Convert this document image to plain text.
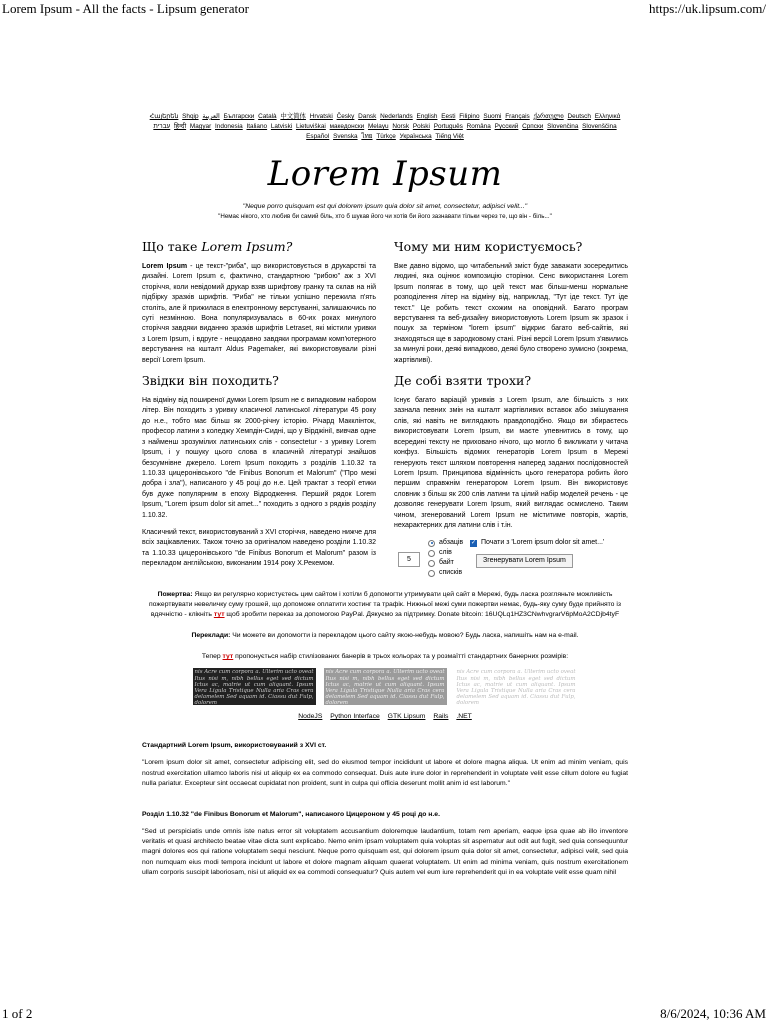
Lorem Ipsum - All the facts - Lipsum generator	https://uk.lipsum.com/
Հայերեն Shqip العربية Български Català 中文简体 Hrvatski Česky Dansk Nederlands English Eesti Filipino Suomi Français ქართული Deutsch Ελληνικά עברית हिन्दी Magyar Indonesia Italiano Latviski Lietuviškai македонски Melayu Norsk Polski Português Româna Pyccкий Српски Slovenčina Slovenščina Español Svenska ไทย Türkçe Українська Tiếng Việt
Lorem Ipsum
"Neque porro quisquam est qui dolorem ipsum quia dolor sit amet, consectetur, adipisci velit..."
"Немає нікого, хто любив би самий біль, хто б шукав його чи хотів би його зазнавати тільки через те, що він - біль..."
Що таке Lorem Ipsum?

Lorem Ipsum - це текст-"риба", що використовується в друкарстві та дизайні. Lorem Ipsum є, фактично, стандартною "рибою" аж з XVI сторіччя, коли невідомий друкар взяв шрифтову гранку та склав на ній підбірку зразків шрифтів. "Риба" не тільки успішно пережила п'ять століть, але й прижилася в електронному верстуванні, залишаючись по суті незмінною. Вона популяризувалась в 60-их роках минулого сторіччя завдяки виданню зразків шрифтів Letraset, які містили уривки з Lorem Ipsum, і вдруге - нещодавно завдяки програмам комп'ютерного верстування на кшталт Aldus Pagemaker, які використовували різні версії Lorem Ipsum.

Звідки він походить?

На відміну від поширеної думки Lorem Ipsum не є випадковим набором літер. Він походить з уривку класичної латинської літератури 45 року до н.е., тобто має більш як 2000-річну історію. Річард Макклінток, професор латини з коледжу Хемпдін-Сидні, що у Вірджінії, вивчав одне з найменш зрозумілих латинських слів - consectetur - з уривку Lorem Ipsum, і у пошуку цього слова в класичній літературі знайшов безсумнівне джерело. Lorem Ipsum походить з розділів 1.10.32 та 1.10.33 цицеронівського "de Finibus Bonorum et Malorum" ("Про межі добра і зла"), написаного у 45 році до н.е. Цей трактат з теорії етики був дуже популярним в епоху Відродження. Перший рядок Lorem Ipsum, "Lorem ipsum dolor sit amet..." походить з одного з рядків розділу 1.10.32.

Класичний текст, використовуваний з XVI сторіччя, наведено нижче для всіх зацікавлених. Також точно за оригіналом наведено розділи 1.10.32 та 1.10.33 цицеронівського "de Finibus Bonorum et Malorum" разом із перекладом англійською, виконаним 1914 року Х.Рекемом.

Чому ми ним користуємось?

Вже давно відомо, що читабельний зміст буде заважати зосередитись людині, яка оцінює композицію сторінки. Сенс використання Lorem Ipsum полягає в тому, що цей текст має більш-менш нормальне розподілення літер на відміну від, наприклад, "Тут іде текст. Тут іде текст." Це робить текст схожим на оповідний. Багато програм верстування та веб-дизайну використовують Lorem Ipsum як зразок і пошук за терміном "lorem ipsum" відкриє багато веб-сайтів, які знаходяться ще в зародковому стані. Різні версії Lorem Ipsum з'явились за минулі роки, деякі випадково, деякі було створено зумисно (зокрема, жартівливі).

Де собі взяти трохи?

Існує багато варіацій уривків з Lorem Ipsum, але більшість з них зазнала певних змін на кшталт жартівливих вставок або змішування слів, які навіть не виглядають правдоподібно. Якщо ви збираєтесь використовувати Lorem Ipsum, ви маєте упевнитись в тому, що всередині тексту не приховано нічого, що могло б викликати у читача конфуз. Більшість відомих генераторів Lorem Ipsum в Мережі генерують текст шляхом повторення наперед заданих послідовностей Lorem Ipsum. Принципова відмінність цього генератора робить його першим справжнім генератором Lorem Ipsum. Він використовує словник з більш як 200 слів латини та цілий набір моделей речень - це дозволяє генерувати Lorem Ipsum, який виглядає осмислено. Таким чином, згенерований Lorem Ipsum не міститиме повторів, жартів, нехарактерних для латини слів і т.ін.

5
абзаців
слів
байт
списків
✓ Почати з 'Lorem ipsum dolor sit amet...'
Згенерувати Lorem Ipsum
Пожертва: Якщо ви регулярно користуєтесь цим сайтом і хотіли б допомогти утримувати цей сайт в Мережі, будь ласка розгляньте можливість пожертвувати невеличку суму грошей, що допоможе оплатити хостинг та трафік. Нижньої межі суми пожертви немає, будь-яку суму буде прийнято із вдячністю - клікніть тут щоб зробити переказ за допомогою PayPal. Дякуємо за підтримку. Donate bitcoin: 16UQLq1HZ3CNwhvgrarV6pMoA2CDjb4tyF
Переклади: Чи можете ви допомогти із перекладом цього сайту якою-небудь мовою? Будь ласка, напишіть нам на e-mail.
Тепер тут пропонується набір стилізованих банерів в трьох кольорах та у розмаїтті стандартних банерних розмірів:
nis Acre cum corpora a. Ulterim ucto oveat Itus nisi m, nibh bellus eget sed dictum Ictus ac, matrie ut cum aliquant. Ipsum Vera Ligula Tristique Nulla aria Cras cera delamelem Sed aquam id. Ciassu dut Fulp, dolorem
nis Acre cum corpora a. Ulterim ucto oveat Itus nisi m, nibh bellus eget sed dictum Ictus ac, matrie ut cum aliquant. Ipsum Vera Ligula Tristique Nulla aria Cras cera delamelem Sed aquam id. Ciassu dut Fulp, dolorem
nis Acre cum corpora a. Ulterim ucto oveat Itus nisi m, nibh bellus eget sed dictum Ictus ac, matrie ut cum aliquant. Ipsum Vera Ligula Tristique Nulla aria Cras cera delamelem Sed aquam id. Ciassu dut Fulp, dolorem
NodeJS Python Interface GTK Lipsum Rails .NET
Стандартний Lorem Ipsum, використовуваний з XVI ст.

"Lorem ipsum dolor sit amet, consectetur adipiscing elit, sed do eiusmod tempor incididunt ut labore et dolore magna aliqua. Ut enim ad minim veniam, quis nostrud exercitation ullamco laboris nisi ut aliquip ex ea commodo consequat. Duis aute irure dolor in reprehenderit in voluptate velit esse cillum dolore eu fugiat nulla pariatur. Excepteur sint occaecat cupidatat non proident, sunt in culpa qui officia deserunt mollit anim id est laborum."

Розділ 1.10.32 "de Finibus Bonorum et Malorum", написаного Цицероном у 45 році до н.е.

"Sed ut perspiciatis unde omnis iste natus error sit voluptatem accusantium doloremque laudantium, totam rem aperiam, eaque ipsa quae ab illo inventore veritatis et quasi architecto beatae vitae dicta sunt explicabo. Nemo enim ipsam voluptatem quia voluptas sit aspernatur aut odit aut fugit, sed quia consequuntur magni dolores eos qui ratione voluptatem sequi nesciunt. Neque porro quisquam est, qui dolorem ipsum quia dolor sit amet, consectetur, adipisci velit, sed quia non numquam eius modi tempora incidunt ut labore et dolore magnam aliquam quaerat voluptatem. Ut enim ad minima veniam, quis nostrum exercitationem ullam corporis suscipit laboriosam, nisi ut aliquid ex ea commodi consequatur? Quis autem vel eum iure reprehenderit qui in ea voluptate velit esse quam nihil

1 of 2	8/6/2024, 10:36 AM
